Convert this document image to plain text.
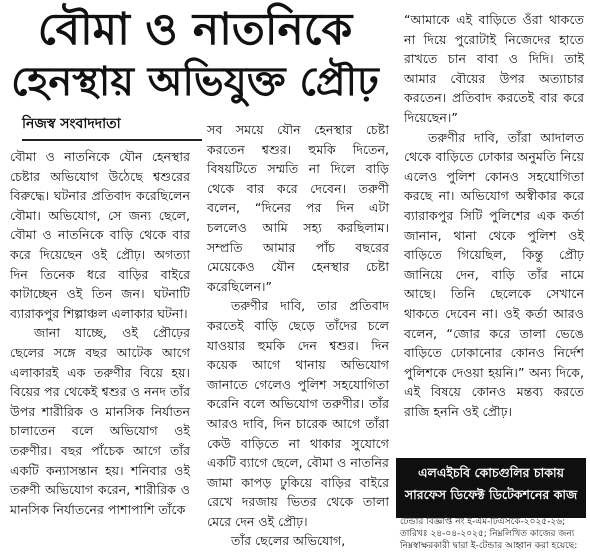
বৌমা ও নাতনিকে
হেনস্থায় অভিযুক্ত প্রৌঢ়
নিজস্ব সংবাদদাতা

বৌমা ও নাতনিকে যৌন হেনস্থার চেষ্টার অভিযোগ উঠেছে শ্বশুরের বিরুদ্ধে। ঘটনার প্রতিবাদ করেছিলেন বৌমা। অভিযোগ, সে জন্য ছেলে, বৌমা ও নাতনিকে বাড়ি থেকে বার করে দিয়েছেন ওই প্রৌঢ়। অগত্যা দিন তিনেক ধরে বাড়ির বাইরে কাটাচ্ছেন ওই তিন জন। ঘটনাটি ব্যারাকপুর শিল্পাঞ্চল এলাকার ঘটনা।

জানা যাচ্ছে, ওই প্রৌঢ়ের ছেলের সঙ্গে বছর আটেক আগে এলাকারই এক তরুণীর বিয়ে হয়। বিয়ের পর থেকেই শ্বশুর ও ননদ তাঁর উপর শারীরিক ও মানসিক নির্যাতন চালাতেন বলে অভিযোগ ওই তরুণীর। বছর পাঁচেক আগে তাঁর একটি কন্যাসন্তান হয়। শনিবার ওই তরুণী অভিযোগ করেন, শারীরিক ও মানসিক নির্যাতনের পাশাপাশি তাঁকে

সব সময়ে যৌন হেনস্থার চেষ্টা করতেন শ্বশুর। হুমকি দিতেন, বিষয়টিতে সম্মতি না দিলে বাড়ি থেকে বার করে দেবেন। তরুণী বলেন, “দিনের পর দিন এটা চললেও আমি সহ্য করছিলাম। সম্প্রতি আমার পাঁচ বছরের মেয়েকেও যৌন হেনস্থার চেষ্টা করেছিলেন।”

তরুণীর দাবি, তার প্রতিবাদ করতেই বাড়ি ছেড়ে তাঁদের চলে যাওয়ার হুমকি দেন শ্বশুর। দিন কয়েক আগে থানায় অভিযোগ জানাতে গেলেও পুলিশ সহযোগিতা করেনি বলে অভিযোগ তরুণীর। তাঁর আরও দাবি, দিন চারেক আগে তাঁরা কেউ বাড়িতে না থাকার সুযোগে একটি ব্যাগে ছেলে, বৌমা ও নাতনির জামা কাপড় ঢুকিয়ে বাড়ির বাইরে রেখে দরজায় ভিতর থেকে তালা মেরে দেন ওই প্রৌঢ়।

তাঁর ছেলের অভিযোগ,

“আমাকে এই বাড়িতে ওঁরা থাকতে না দিয়ে পুরোটাই নিজেদের হাতে রাখতে চান বাবা ও দিদি। তাই আমার বৌয়ের উপর অত্যাচার করতেন। প্রতিবাদ করতেই বার করে দিয়েছেন।”

তরুণীর দাবি, তাঁরা আদালত থেকে বাড়িতে ঢোকার অনুমতি নিয়ে এলেও পুলিশ কোনও সহযোগিতা করছে না। অভিযোগ অস্বীকার করে ব্যারাকপুর সিটি পুলিশের এক কর্তা জানান, থানা থেকে পুলিশ ওই বাড়িতে গিয়েছিল, কিন্তু প্রৌঢ় জানিয়ে দেন, বাড়ি তাঁর নামে আছে। তিনি ছেলেকে সেখানে থাকতে দেবেন না। ওই কর্তা আরও বলেন, “জোর করে তালা ভেঙে বাড়িতে ঢোকানোর কোনও নির্দেশ পুলিশকে দেওয়া হয়নি।” অন্য দিকে, এই বিষয়ে কোনও মন্তব্য করতে রাজি হননি ওই প্রৌঢ়।

এলএইচবি কোচগুলির চাকায়
সারফেস ডিফেক্ট ডিটেকশনের কাজ
টেন্ডার বিজ্ঞপ্তি নং ই-এম-টিএসকে-২০২৫-২৬;
তারিখঃ ২৪-০৪-২০২৫; নিম্নলিখিত কাজের জন্য
নিম্নস্বাক্ষরকারী দ্বারা ই-টেন্ডার আহ্বান করা হয়েছে:
